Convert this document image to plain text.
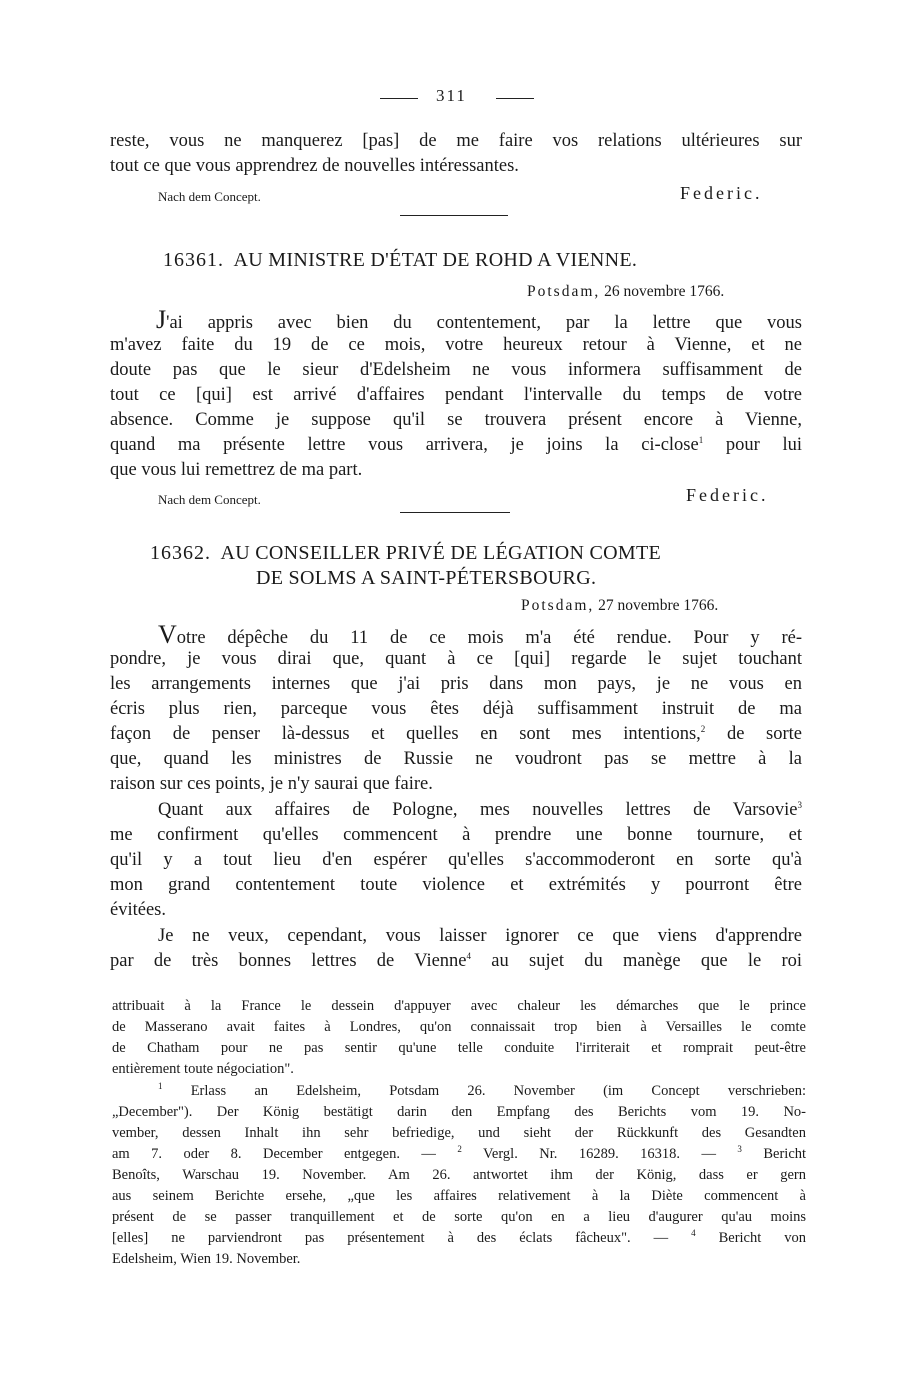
311
reste, vous ne manquerez [pas] de me faire vos relations ultérieures sur
tout ce que vous apprendrez de nouvelles intéressantes.
Nach dem Concept.	Federic.
16361. AU MINISTRE D'ÉTAT DE ROHD A VIENNE.
Potsdam, 26 novembre 1766.
J'ai appris avec bien du contentement, par la lettre que vous
m'avez faite du 19 de ce mois, votre heureux retour à Vienne, et ne
doute pas que le sieur d'Edelsheim ne vous informera suffisamment de
tout ce [qui] est arrivé d'affaires pendant l'intervalle du temps de votre
absence. Comme je suppose qu'il se trouvera présent encore à Vienne,
quand ma présente lettre vous arrivera, je joins la ci-close$^1$ pour lui
que vous lui remettrez de ma part.
Nach dem Concept.	Federic.
16362. AU CONSEILLER PRIVÉ DE LÉGATION COMTE
DE SOLMS A SAINT-PÉTERSBOURG.
Potsdam, 27 novembre 1766.
Votre dépêche du 11 de ce mois m'a été rendue. Pour y ré-
pondre, je vous dirai que, quant à ce [qui] regarde le sujet touchant
les arrangements internes que j'ai pris dans mon pays, je ne vous en
écris plus rien, parceque vous êtes déjà suffisamment instruit de ma
façon de penser là-dessus et quelles en sont mes intentions,$^2$ de sorte
que, quand les ministres de Russie ne voudront pas se mettre à la
raison sur ces points, je n'y saurai que faire.
Quant aux affaires de Pologne, mes nouvelles lettres de Varsovie$^3$
me confirment qu'elles commencent à prendre une bonne tournure, et
qu'il y a tout lieu d'en espérer qu'elles s'accommoderont en sorte qu'à
mon grand contentement toute violence et extrémités y pourront être
évitées.
Je ne veux, cependant, vous laisser ignorer ce que viens d'apprendre
par de très bonnes lettres de Vienne$^4$ au sujet du manège que le roi
attribuait à la France le dessein d'appuyer avec chaleur les démarches que le prince
de Masserano avait faites à Londres, qu'on connaissait trop bien à Versailles le comte
de Chatham pour ne pas sentir qu'une telle conduite l'irriterait et romprait peut-être
entièrement toute négociation".
$^1$ Erlass an Edelsheim, Potsdam 26. November (im Concept verschrieben:
„December"). Der König bestätigt darin den Empfang des Berichts vom 19. No-
vember, dessen Inhalt ihn sehr befriedige, und sieht der Rückkunft des Gesandten
am 7. oder 8. December entgegen. — $^2$ Vergl. Nr. 16289. 16318. — $^3$ Bericht
Benoîts, Warschau 19. November. Am 26. antwortet ihm der König, dass er gern
aus seinem Berichte ersehe, „que les affaires relativement à la Diète commencent à
présent de se passer tranquillement et de sorte qu'on en a lieu d'augurer qu'au moins
[elles] ne parviendront pas présentement à des éclats fâcheux". —	$^4$ Bericht von
Edelsheim, Wien 19. November.
